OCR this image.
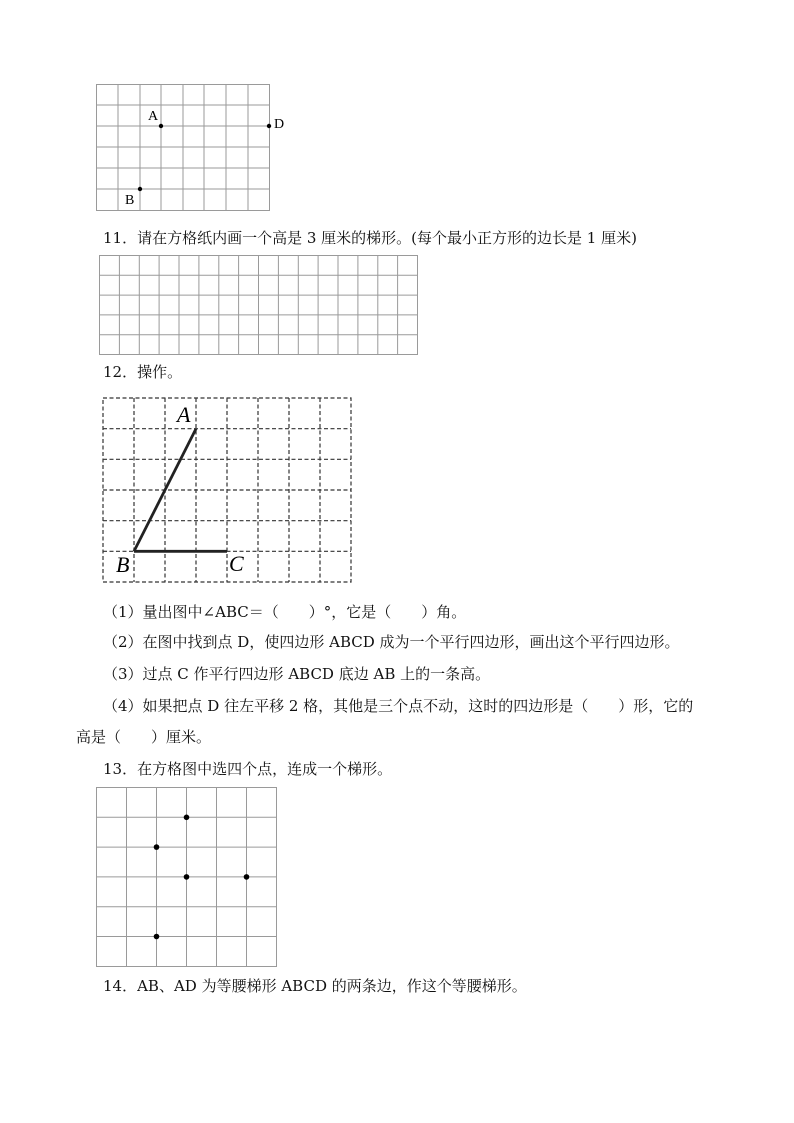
A
D
B
11．请在方格纸内画一个高是 3 厘米的梯形。(每个最小正方形的边长是 1 厘米)
12．操作。
A
B	C
（1）量出图中∠ABC＝（　　）°，它是（　　）角。
（2）在图中找到点 D，使四边形 ABCD 成为一个平行四边形，画出这个平行四边形。
（3）过点 C 作平行四边形 ABCD 底边 AB 上的一条高。
（4）如果把点 D 往左平移 2 格，其他是三个点不动，这时的四边形是（　　）形，它的
高是（　　）厘米。
13．在方格图中选四个点，连成一个梯形。
14．AB、AD 为等腰梯形 ABCD 的两条边，作这个等腰梯形。
